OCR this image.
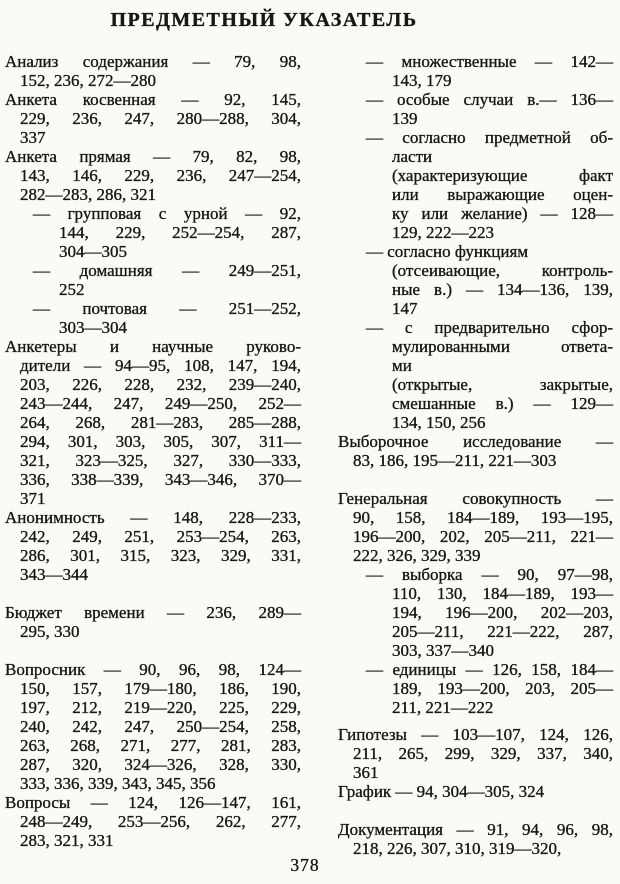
ПРЕДМЕТНЫЙ УКАЗАТЕЛЬ
Анализ содержания — 79, 98,
152, 236, 272—280
Анкета косвенная — 92, 145,
229, 236, 247, 280—288, 304,
337
Анкета прямая — 79, 82, 98,
143, 146, 229, 236, 247—254,
282—283, 286, 321
— групповая с урной — 92,
144, 229, 252—254, 287,
304—305
— домашняя — 249—251,
252
— почтовая — 251—252,
303—304
Анкетеры и научные руково-
дители — 94—95, 108, 147, 194,
203, 226, 228, 232, 239—240,
243—244, 247, 249—250, 252—
264, 268, 281—283, 285—288,
294, 301, 303, 305, 307, 311—
321, 323—325, 327, 330—333,
336, 338—339, 343—346, 370—
371
Анонимность — 148, 228—233,
242, 249, 251, 253—254, 263,
286, 301, 315, 323, 329, 331,
343—344
Бюджет времени — 236, 289—
295, 330
Вопросник — 90, 96, 98, 124—
150, 157, 179—180, 186, 190,
197, 212, 219—220, 225, 229,
240, 242, 247, 250—254, 258,
263, 268, 271, 277, 281, 283,
287, 320, 324—326, 328, 330,
333, 336, 339, 343, 345, 356
Вопросы — 124, 126—147, 161,
248—249, 253—256, 262, 277,
283, 321, 331
— множественные — 142—
143, 179
— особые случаи в.— 136—
139
— согласно предметной об-
ласти
(характеризующие факт
или выражающие оцен-
ку или желание) — 128—
129, 222—223
— согласно функциям
(отсеивающие, контроль-
ные в.) — 134—136, 139,
147
— с предварительно сфор-
мулированными ответа-
ми
(открытые, закрытые,
смешанные в.) — 129—
134, 150, 256
Выборочное исследование —
83, 186, 195—211, 221—303
Генеральная совокупность —
90, 158, 184—189, 193—195,
196—200, 202, 205—211, 221—
222, 326, 329, 339
— выборка — 90, 97—98,
110, 130, 184—189, 193—
194, 196—200, 202—203,
205—211, 221—222, 287,
303, 337—340
— единицы — 126, 158, 184—
189, 193—200, 203, 205—
211, 221—222
Гипотезы — 103—107, 124, 126,
211, 265, 299, 329, 337, 340,
361
График — 94, 304—305, 324
Документация — 91, 94, 96, 98,
218, 226, 307, 310, 319—320,
378
